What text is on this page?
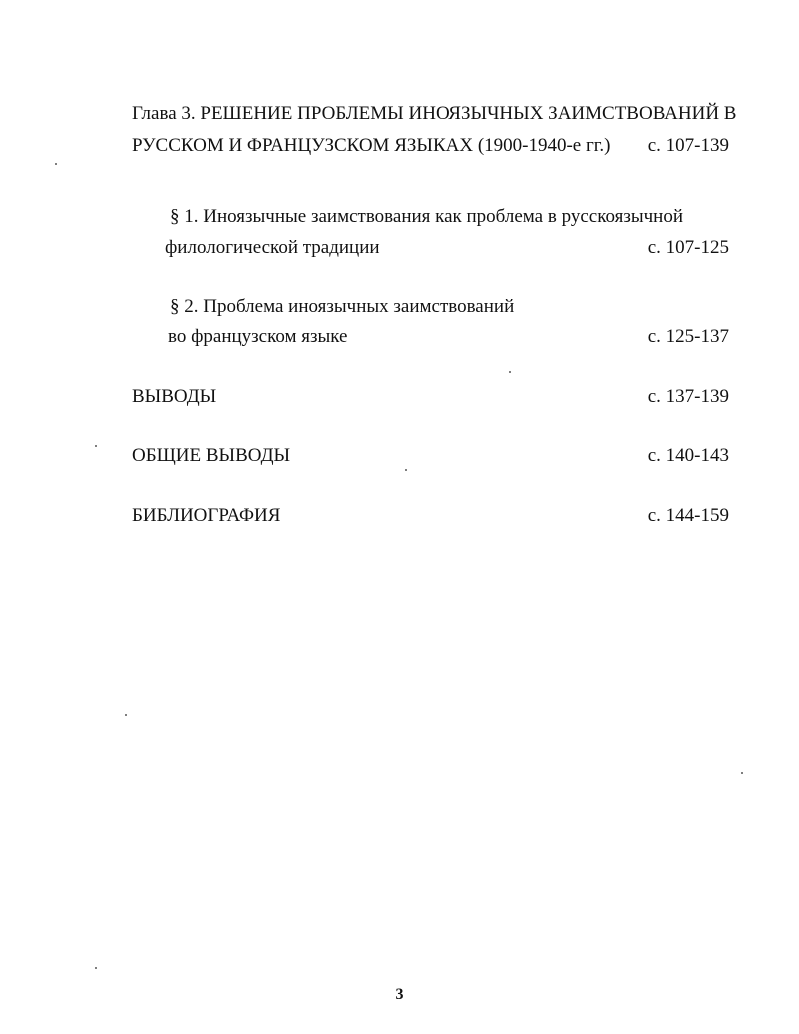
Глава 3. РЕШЕНИЕ ПРОБЛЕМЫ ИНОЯЗЫЧНЫХ ЗАИМСТВОВАНИЙ В
РУССКОМ И ФРАНЦУЗСКОМ ЯЗЫКАХ (1900-1940-е гг.) с. 107-139
§ 1. Иноязычные заимствования как проблема в русскоязычной
филологической традиции	с. 107-125
§ 2. Проблема иноязычных заимствований
во французском языке	с. 125-137
ВЫВОДЫ	с. 137-139
ОБЩИЕ ВЫВОДЫ	с. 140-143
БИБЛИОГРАФИЯ	с. 144-159
3
